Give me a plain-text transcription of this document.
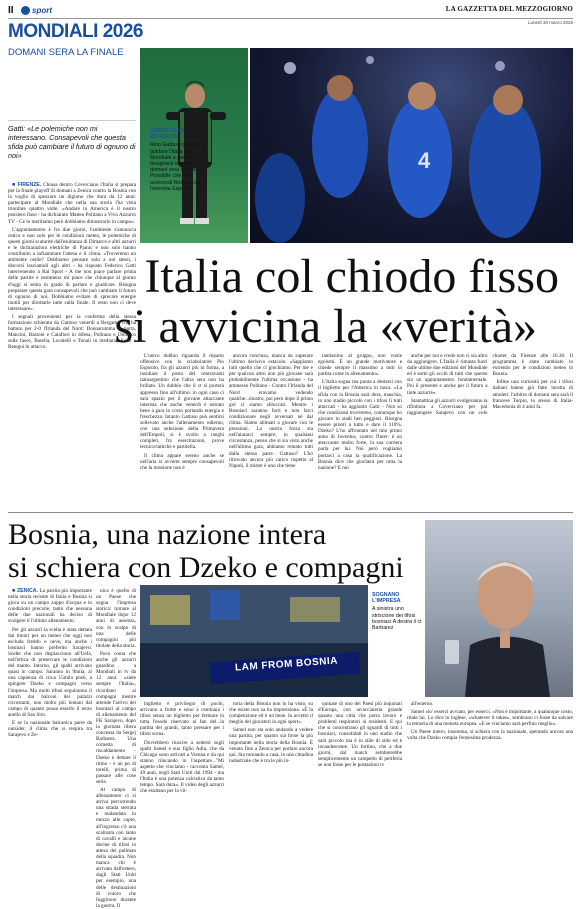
II sport	LA GAZZETTA DEL MEZZOGIORNO
Lunedì 30 marzo 2026
MONDIALI 2026
DOMANI SERA LA FINALE
Gatti: «Le polemiche non mi interessano. Consapevoli che questa sfida può cambiare il futuro di ognuno di noi»
CONTO ALLA ROVESCIA
Rino Gattuso proverà a guidare l'Italia al Mondiale e per farlo bisognerà vincere domani sera in Bosnia Possibile che 4 ct avvicendi Retegui con l'interista Esposito
4
Italia col chiodo fisso
si avvicina la «verità»

■ FIRENZE. Chiusa dentro Coverciano l'Italia si prepara per la finale playoff di domani a Zenica contro la Bosnia con la voglia di spezzare un digiuno che dura da 12 anni: partecipare al Mondiale che nella sua storia l'ha vista trionfare quattro volte. «Andare in America è il nostro pensiero fisso - ha dichiarato Matteo Politano a Vivo Azzurro TV - Ce lo meritiamo però dobbiamo dimostrarlo in campo».

L'appuntamento è fra due giorni, l'ambiente s'annuncia ostico e non solo per le condizioni meteo, le polemiche di questi giorni scaturite dall'esultanza di Dimarco e altri azzurri e le dichiarazioni elettriche di Pjanic e non solo hanno contribuito a infiammare l'attesa e il clima. «Troveremo un ambiente ostile? Dobbiamo pensare solo a noi stessi, i discorsi lasciamoli agli altri - ha risposto Federico Gatti intervenendo a Rai Sport - A me non piace parlare prima delle partite e nemmeno mi piace che chiunque al giorno d'oggi si senta in grado di parlare e giudicare. Bisogna preparare questa gara consapevoli che può cambiare il futuro di ognuno di noi. Dobbiamo evitare di sprecare energie inutili per dirottarle tutte sulla finale. Il resto non ci deve interessare».

I segnali provenienti per la conferma della stessa formazione schierata da Gattuso venerdì a Bergamo che ha battuto per 2-0 l'Irlanda del Nord: Donnarumma in porta, Mancini, Bastoni e Calafiori in difesa, Politano e Dimarco sulle fasce, Barella, Locatelli e Tonali in mediana, Kean e Retegui in attacco.

L'unico dubbio riguarda il reparto offensivo con lo sciabolatore Pio Esposito, fra gli azzurri più in forma, a insidiare il posto del centravanti italoargentino che l'altra sera non ha brillato. Un dubbio che il ct si porterà appresso fino all'ultimo: in ogni caso ci sarà spazio per il giovane attaccante interista che anche venerdì è entrato bene a gara in corso portando energia e freschezza. Intanto Gattuso può sentirsi sollevato anche l'allenamento odierno, con una selezione della Primavera dell'Empoli, si è svolto a ranghi completi, fra esercitazioni, prove tecnico/tattiche e partitella.

Il clima appare sereno anche se nell'aria si avverte sempre consapevoli che la missione non è

ancora conclusa, manca da superare l'ultimo decisivo ostacolo. «Sappiamo tutti quello che ci giochiamo. Per me e per qualcun altro non più giovane sarà probabilmente l'ultima occasione - ha ammesso Politano - Contro l'Irlanda del Nord eravamo vedendo qualche...mostro, poi però dopo il primo gol ci siamo sbloccati. Mentre i Bosniaci saranno forti e non farci condizionare negli avversari né dal clima. Siamo abituati a giocare con le pressioni. La nostra forza sta nell'aiutarci sempre, in qualsiasi circostanza, penso che si sia visto anche nell'ultima gara, abbiamo remato tutti dalla stessa parte. Gattuso? L'ho ritrovato ancora più carico rispetto al Napoli, il mister è uno che tiene

tantissimo al gruppo, non vuole egoismi. È un grande motivatore e chiede sempre il massimo a tutti in partita come in allenamento».

L'Italia sogna ma punta a destarsi con il biglietto per l'America in tasca. «La sfida con la Bosnia sarà dura, maschia, in uno stadio piccolo con i tifosi lì tutti attaccati - ha aggiunto Gatti - Non so che condizioni troveremo, comunque ho giocato in stadi ben peggiori. Bisogna essere pronti a tutto e dare il 110%. Dzeko? L'ho affrontato nel mio primo anno di Juventus, contro l'Inter: è un attaccante molto forte, la sua carriera parla per lui. Noi però vogliamo portarci a casa la qualificazione. La Bosnia dice che giocherà per tutta la nazione? E noi

anche per noi e credo non ci sia altro da aggiungere. L'Italia è rimasta fuori dalle ultime due edizioni del Mondiale ed è sotto gli occhi di tutti che questo sia un appuntamento fondamentale. Poi il presente e anche per il futuro a tinte azzurre».

Stamattina gli azzurri svolgeranno la rifinitura a Coverciano per poi raggiungere Sarajevo con un volo charter da Firenze alle 16.30. Il programma è stato cambiato in extremis per le condizioni meteo in Bosnia.

Infine una curiosità per cui i tifosi italiani hanno già fatto incetta di amuleti: l'arbitro di domani sera sarà il francese Turpin, lo stesso di Italia-Macedonia di 4 anni fa.

Bosnia, una nazione intera
si schiera con Dzeko e compagni
LAM FROM BOSNIA
SOGNANO L'IMPRESA
A sinistra uno striscione dei tifosi bosniaci A destra il ct Barbarez

■ ZENICA. La partita più importante nella storia recente di Italia e Bosnia si gioca su un campo zuppo d'acqua e in condizioni precarie, tanto che nessuna delle due nazionali ha deciso di svolgere il l'ultimo allenamento.

Per gli azzurri la scelta è stata dettata dai timori per un meteo che oggi non escluda freddo e neve, ma anche i bosniaci hanno preferito Sarajevo. Scelte che non dispiacciono all'Uefa, nell'ottica di preservare le condizioni del manto. Intorno, gli spalti arrivano quasi in campo. Saranno in 9mila, ai una capienza di circa 15mila posti, a spingere Dzeko e compagni verso l'impresa. Ma molti tifosi seguiranno il match dai balconi dei palazzi circostanti, non molto più lontani dal campo di quanto possa esserlo il terzo anello di San Siro.

E se la nazionale balcanica parte da outsider, il clima che si respira tra Sarajevo e Ze-

nica è quello di un Paese che sogna l'impresa storica: tornare al Mondiale dopo 12 anni di assenza, con lo scalpo di una delle compagini più titolate della storia.

Poco conta che anche gli azzurri guardino a Mondiali in tv da 12 anni: «siete sempre l'Italia», ricordano ai compagni mentre attende l'arrivo dei bosniaci al campo di allenamento del FK Sarajevo, dopo la giornata libera concessa da Sergej Barbarez. Una cornetta di riscaldamento - Dzeko è dettare il ritmo - e un po di torelli, prima di passare alle cose serie.

Al campo di allenamento ci si arriva percorrendo una strada sterrata e malandata in mezzo alle capre, all'ingresso c'è una scalinata con tanto di cavalli e alcune decine di tifosi in attesa del pullman della squadra. Non manca chi è arrivato dall'estero, dagli Stati Uniti per esempio, una delle destinazioni di coloro che fuggirono durante la guerra. Il

biglietto è privilegio di pochi, arrivano a frotte e sono a centinaia i tifosi senza un biglietto per fermare in tutta l'esodo riservato ai fan del...la partita dei grandi, tanto pressare per i tifosi scena.

Dovrebbero riuscire a sedersi sugli spalti Samel e suo figlio Adin, che da Chicago sono arrivati a Vienna e da qui stanno rilucando in l'aspettare..."Mi aspetto che vinciamo - racconta Samel, 49 anni, negli Stati Uniti dal 1994 - ma l'Italia è una potenza calcistica da tanto tempo. Sarà dura». Il video degli azzurri che esultano per la vit-

toria della Bosnia non lo ha visto, su che esiste non sa ha impressiona. «È la competizione ed è un bene. Io accetto il meglio dei giocatori in ogni sport».

Samel non sta solo andando a vedere una partita, per quanto sia forse la più importante nella storia della Bosnia. È venuto fino a Zenica per portare ancora qui. Sta tornando a casa, in una cittadina industriale che è tra le più in-

quinate di uno dei Paesi più inquinati d'Europa, con un'acciaieria grande quanto una città che porta lavoro e problemi respiratori ai residenti. E qui che si concentrano gli sguardi di tutti i bosniaci, consolidati in uno stadio che sarà piccolo ma è in stile di stile ed è incandescente. Un fortino, che a due giorni, dal match sembrerebbe semplicemente un campetto di periferia se non fosse per le postazioni tv

all'esterno.

Samel «lo' esserci avviato, per esserci. «Non è importante, a qualunque costo, ritale lui. Lo dice in inglese, «whatever it takes», sembrano ci fosse da salvare la temoria di una moneta europea. «E se vinciamo sarà perfino meglio».

Un Paese intero, insomma, si schiera con la nazionale, sperando ancora una volta che Dzeko compia l'ennesima prodezza.
